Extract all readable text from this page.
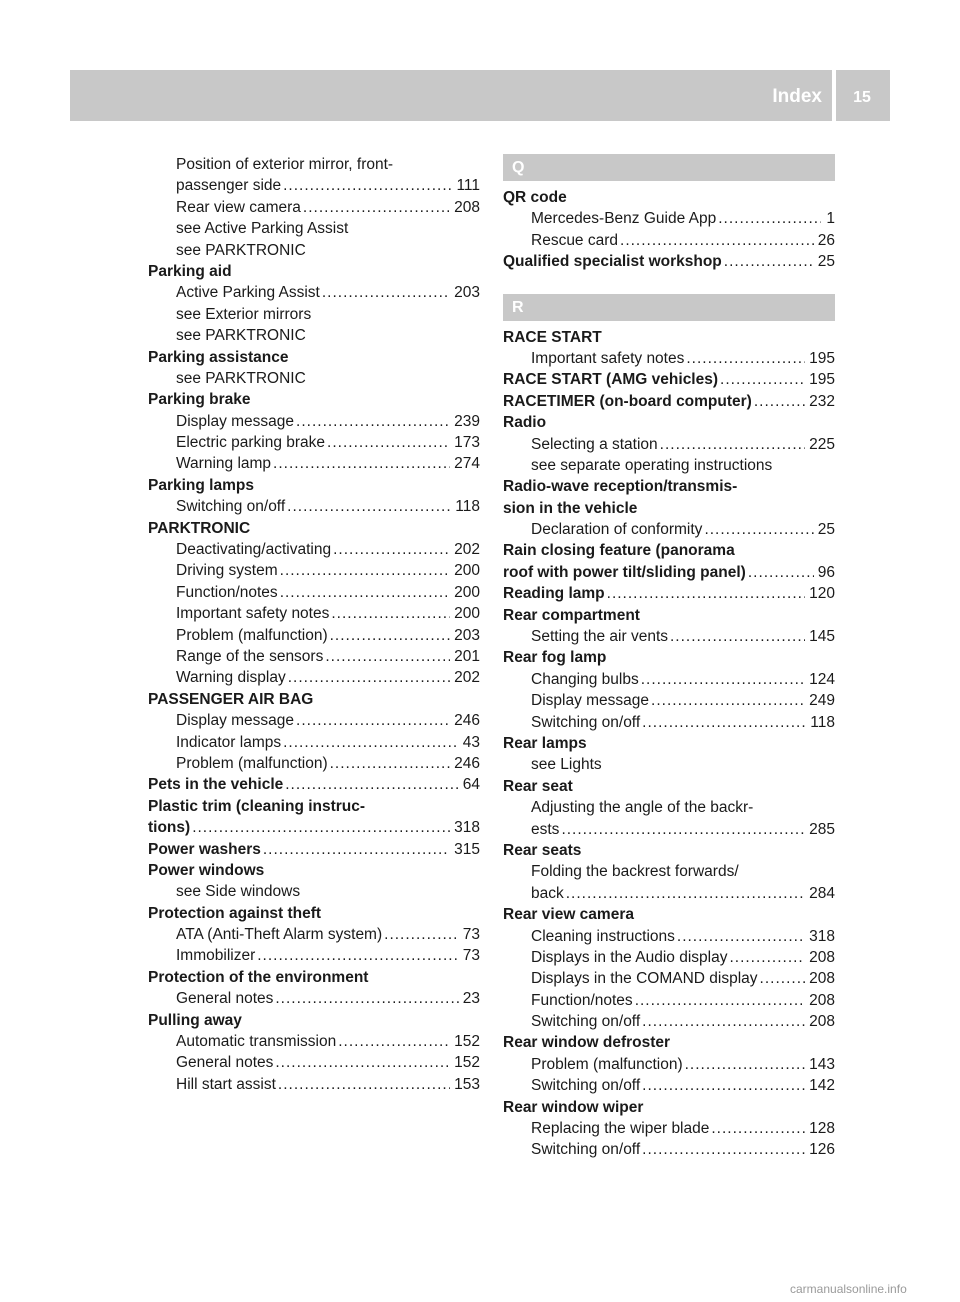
Index	15
Position of exterior mirror, front-
passenger side .....	111
Rear view camera .....	208
see Active Parking Assist
see PARKTRONIC
Parking aid
Active Parking Assist .....	203
see Exterior mirrors
see PARKTRONIC
Parking assistance
see PARKTRONIC
Parking brake
Display message .....	239
Electric parking brake .....	173
Warning lamp .....	274
Parking lamps
Switching on/off .....	118
PARKTRONIC
Deactivating/activating .....	202
Driving system .....	200
Function/notes .....	200
Important safety notes .....	200
Problem (malfunction) .....	203
Range of the sensors .....	201
Warning display .....	202
PASSENGER AIR BAG
Display message .....	246
Indicator lamps .....	43
Problem (malfunction) .....	246
Pets in the vehicle .....	64
Plastic trim (cleaning instruc-
tions) .....	318
Power washers .....	315
Power windows
see Side windows
Protection against theft
ATA (Anti-Theft Alarm system) .....	73
Immobilizer .....	73
Protection of the environment
General notes .....	23
Pulling away
Automatic transmission .....	152
General notes .....	152
Hill start assist .....	153
Q
QR code
Mercedes-Benz Guide App .....	1
Rescue card .....	26
Qualified specialist workshop .....	25
R
RACE START
Important safety notes .....	195
RACE START (AMG vehicles) .....	195
RACETIMER (on-board computer) .....	232
Radio
Selecting a station .....	225
see separate operating instructions
Radio-wave reception/transmis-
sion in the vehicle
Declaration of conformity .....	25
Rain closing feature (panorama
roof with power tilt/sliding panel) .....	96
Reading lamp .....	120
Rear compartment
Setting the air vents .....	145
Rear fog lamp
Changing bulbs .....	124
Display message .....	249
Switching on/off .....	118
Rear lamps
see Lights
Rear seat
Adjusting the angle of the backr-
ests .....	285
Rear seats
Folding the backrest forwards/
back .....	284
Rear view camera
Cleaning instructions .....	318
Displays in the Audio display .....	208
Displays in the COMAND display .....	208
Function/notes .....	208
Switching on/off .....	208
Rear window defroster
Problem (malfunction) .....	143
Switching on/off .....	142
Rear window wiper
Replacing the wiper blade .....	128
Switching on/off .....	126
carmanualsonline.info
